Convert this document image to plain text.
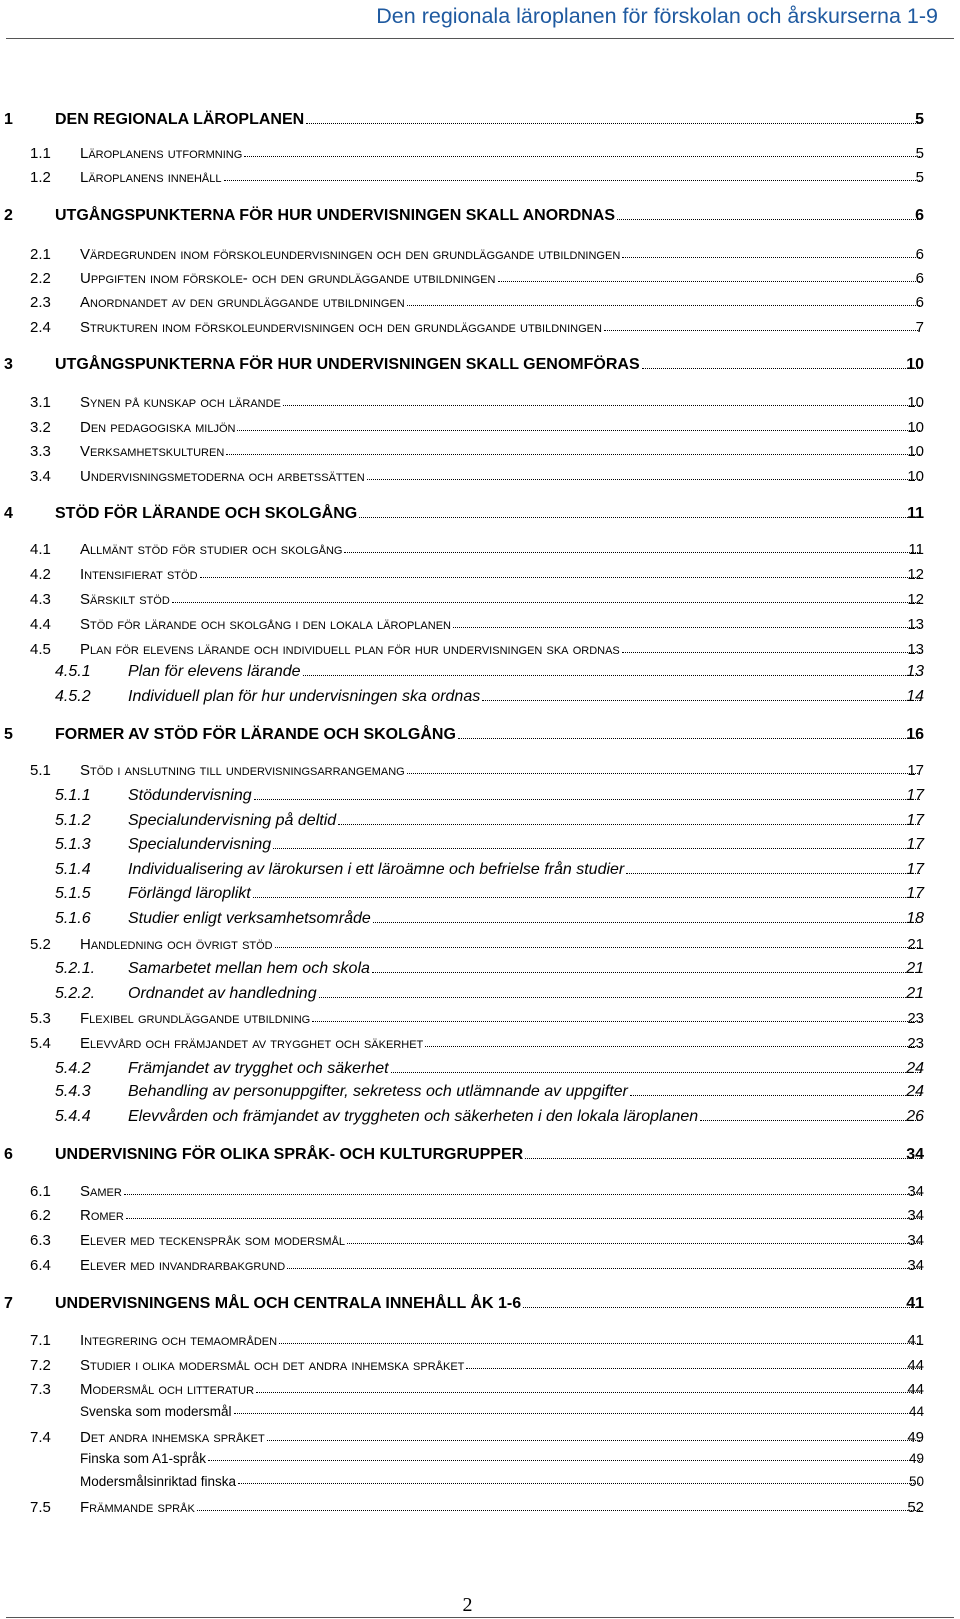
Den regionala läroplanen för förskolan och årskurserna 1-9
1	DEN REGIONALA LÄROPLANEN	5
1.1 Läroplanens utformning	5
1.2 Läroplanens innehåll	5
2	UTGÅNGSPUNKTERNA FÖR HUR UNDERVISNINGEN SKALL ANORDNAS	6
2.1 Värdegrunden inom förskoleundervisningen och den grundläggande utbildningen	6
2.2 Uppgiften inom förskole- och den grundläggande utbildningen	6
2.3 Anordnandet av den grundläggande utbildningen	6
2.4 Strukturen inom förskoleundervisningen och den grundläggande utbildningen	7
3	UTGÅNGSPUNKTERNA FÖR HUR UNDERVISNINGEN SKALL GENOMFÖRAS	10
3.1 Synen på kunskap och lärande	10
3.2 Den pedagogiska miljön	10
3.3 Verksamhetskulturen	10
3.4 Undervisningsmetoderna och arbetssätten	10
4	STÖD FÖR LÄRANDE OCH SKOLGÅNG	11
4.1 Allmänt stöd för studier och skolgång	11
4.2 Intensifierat stöd	12
4.3 Särskilt stöd	12
4.4 Stöd för lärande och skolgång i den lokala läroplanen	13
4.5 Plan för elevens lärande och individuell plan för hur undervisningen ska ordnas	13
4.5.1 Plan för elevens lärande	13
4.5.2 Individuell plan för hur undervisningen ska ordnas	14
5	FORMER AV STÖD FÖR LÄRANDE OCH SKOLGÅNG	16
5.1 Stöd i anslutning till undervisningsarrangemang	17
5.1.1 Stödundervisning	17
5.1.2 Specialundervisning på deltid	17
5.1.3 Specialundervisning	17
5.1.4 Individualisering av lärokursen i ett läroämne och befrielse från studier	17
5.1.5 Förlängd läroplikt	17
5.1.6 Studier enligt verksamhetsområde	18
5.2 Handledning och övrigt stöd	21
5.2.1. Samarbetet mellan hem och skola	21
5.2.2. Ordnandet av handledning	21
5.3 Flexibel grundläggande utbildning	23
5.4 Elevvård och främjandet av trygghet och säkerhet	23
5.4.2 Främjandet av trygghet och säkerhet	24
5.4.3 Behandling av personuppgifter, sekretess och utlämnande av uppgifter	24
5.4.4 Elevvården och främjandet av tryggheten och säkerheten i den lokala läroplanen	26
6	UNDERVISNING FÖR OLIKA SPRÅK- OCH KULTURGRUPPER	34
6.1 Samer	34
6.2 Romer	34
6.3 Elever med teckenspråk som modersmål	34
6.4 Elever med invandrarbakgrund	34
7	UNDERVISNINGENS MÅL OCH CENTRALA INNEHÅLL ÅK 1-6	41
7.1 Integrering och temaområden	41
7.2 Studier i olika modersmål och det andra inhemska språket	44
7.3 Modersmål och litteratur	44
Svenska som modersmål	44
7.4 Det andra inhemska språket	49
Finska som A1-språk	49
Modersmålsinriktad finska	50
7.5 Främmande språk	52
2
